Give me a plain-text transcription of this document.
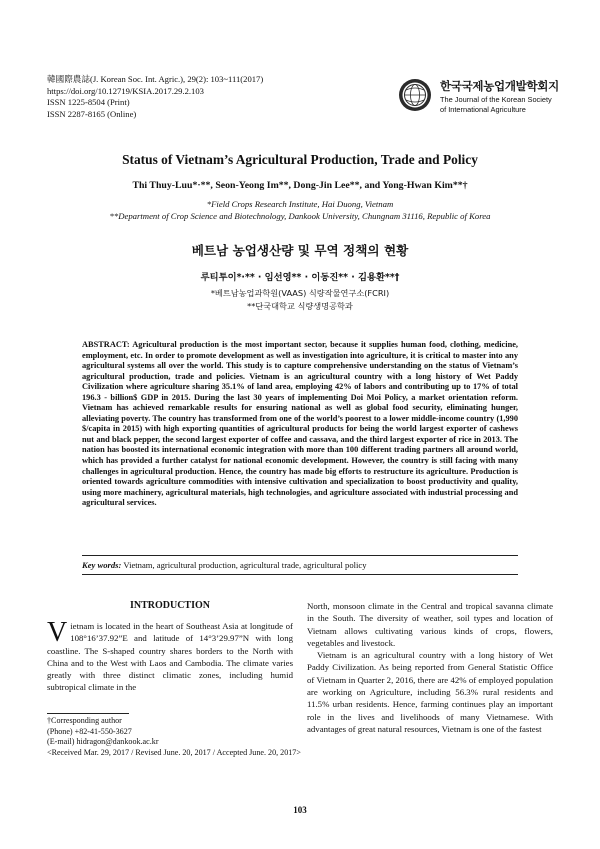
韓國際農誌(J. Korean Soc. Int. Agric.), 29(2): 103~111(2017)
https://doi.org/10.12719/KSIA.2017.29.2.103
ISSN 1225-8504 (Print)
ISSN 2287-8165 (Online)
한국국제농업개발학회지
The Journal of the Korean Society
of International Agriculture
Status of Vietnam’s Agricultural Production, Trade and Policy
Thi Thuy-Luu*·**, Seon-Yeong Im**, Dong-Jin Lee**, and Yong-Hwan Kim**†
*Field Crops Research Institute, Hai Duong, Vietnam
**Department of Crop Science and Biotechnology, Dankook University, Chungnam 31116, Republic of Korea
베트남 농업생산량 및 무역 정책의 현황
루티투이*·** · 임선영** · 이동진** · 김용환**†
*베트남농업과학원(VAAS) 식량작물연구소(FCRI)
**단국대학교 식량생명공학과

ABSTRACT: Agricultural production is the most important sector, because it supplies human food, clothing, medicine, employment, etc. In order to promote development as well as investigation into agriculture, it is critical to master into any agricultural systems all over the world. This study is to capture comprehensive understanding on the status of Vietnam’s agricultural production, trade and policies. Vietnam is an agricultural country with a long history of Wet Paddy Civilization where agriculture sharing 35.1% of land area, employing 42% of labors and contributing up to 17% of total 196.3 - billion$ GDP in 2015. During the last 30 years of implementing Doi Moi Policy, a market orientation reform. Vietnam has achieved remarkable results for ensuring national as well as global food security, eliminating hunger, alleviating poverty. The country has transformed from one of the world’s poorest to a lower middle-income country (1,990 $/capita in 2015) with high exporting quantities of agricultural products for being the world largest exporter of cashews nut and black pepper, the second largest exporter of coffee and cassava, and the third largest exporter of rice in 2013. The nation has boosted its international economic integration with more than 100 different trading partners all around world, which has provided a further catalyst for national economic development. However, the country is still facing with many challenges in agricultural production. Hence, the country has made big efforts to restructure its agriculture. Production is oriented towards agriculture commodities with intensive cultivation and specialization to boost productivity and quality, using more machinery, agricultural materials, high technologies, and agriculture associated with industrial processing and agricultural services.

Key words: Vietnam, agricultural production, agricultural trade, agricultural policy
INTRODUCTION

Vietnam is located in the heart of Southeast Asia at longitude of 108°16’37.92”E and latitude of 14°3’29.97”N with long coastline. The S-shaped country shares borders to the North with China and to the West with Laos and Cambodia. The climate varies greatly with three distinct climatic zones, including humid subtropical climate in the

North, monsoon climate in the Central and tropical savanna climate in the South. The diversity of weather, soil types and location of Vietnam allows cultivating various kinds of crops, flowers, vegetables and livestock.

Vietnam is an agricultural country with a long history of Wet Paddy Civilization. As being reported from General Statistic Office of Vietnam in Quarter 2, 2016, there are 42% of employed population are working on Agriculture, including 56.3% rural residents and 11.5% urban residents. Hence, farming continues play an important role in the lives and livelihoods of many Vietnamese. With advantages of great natural resources, Vietnam is one of the fastest

†Corresponding author
(Phone) +82-41-550-3627
(E-mail) hidragon@dankook.ac.kr
<Received Mar. 29, 2017 / Revised June. 20, 2017 / Accepted June. 20, 2017>
103
